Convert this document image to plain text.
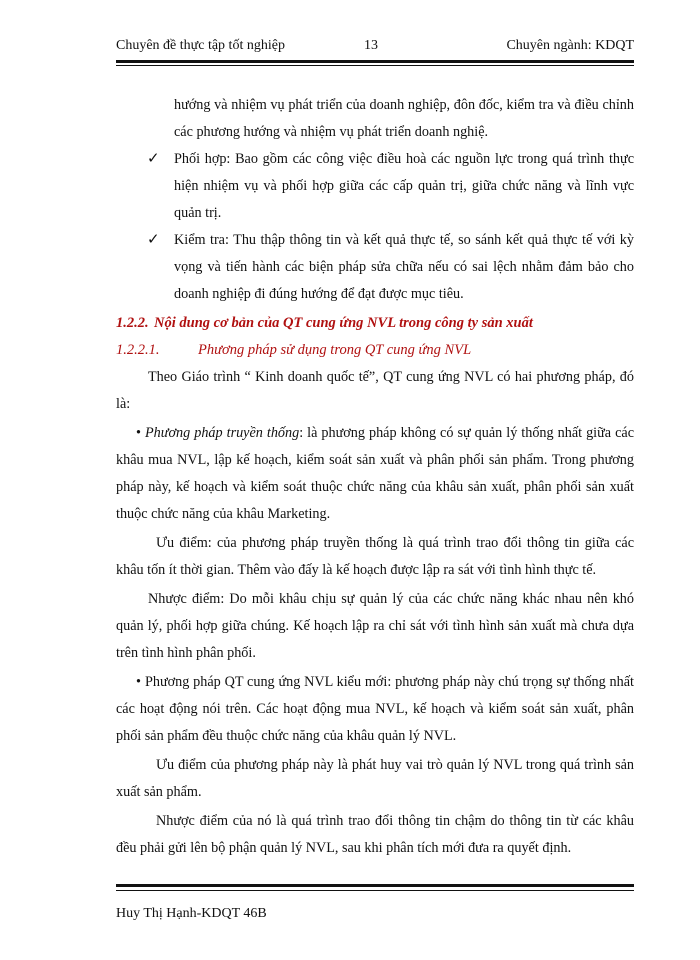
Chuyên đề thực tập tốt nghiệp	13	Chuyên ngành: KDQT

hướng và nhiệm vụ phát triển của doanh nghiệp, đôn đốc, kiểm tra và điều chỉnh các phương hướng và nhiệm vụ phát triển doanh nghiệ.

✓ Phối hợp: Bao gồm các công việc điều hoà các nguồn lực trong quá trình thực hiện nhiệm vụ và phối hợp giữa các cấp quản trị, giữa chức năng và lĩnh vực quản trị.

✓ Kiểm tra: Thu thập thông tin và kết quả thực tế, so sánh kết quả thực tế với kỳ vọng và tiến hành các biện pháp sửa chữa nếu có sai lệch nhằm đảm bảo cho doanh nghiệp đi đúng hướng để đạt được mục tiêu.

1.2.2. Nội dung cơ bản của QT cung ứng NVL trong công ty sản xuất

1.2.2.1.	Phương pháp sử dụng trong QT cung ứng NVL

Theo Giáo trình “ Kinh doanh quốc tế”, QT cung ứng NVL có hai phương pháp, đó là:

• Phương pháp truyền thống: là phương pháp không có sự quản lý thống nhất giữa các khâu mua NVL, lập kế hoạch, kiểm soát sản xuất và phân phối sản phẩm. Trong phương pháp này, kế hoạch và kiểm soát thuộc chức năng của khâu sản xuất, phân phối sản xuất thuộc chức năng của khâu Marketing.

Ưu điểm: của phương pháp truyền thống là quá trình trao đổi thông tin giữa các khâu tốn ít thời gian. Thêm vào đấy là kế hoạch được lập ra sát với tình hình thực tế.

Nhược điểm: Do mỗi khâu chịu sự quản lý của các chức năng khác nhau nên khó quản lý, phối hợp giữa chúng. Kế hoạch lập ra chỉ sát với tình hình sản xuất mà chưa dựa trên tình hình phân phối.

• Phương pháp QT cung ứng NVL kiểu mới: phương pháp này chú trọng sự thống nhất các hoạt động nói trên. Các hoạt động mua NVL, kế hoạch và kiểm soát sản xuất, phân phối sản phẩm đều thuộc chức năng của khâu quản lý NVL.

Ưu điểm của phương pháp này là phát huy vai trò quản lý NVL trong quá trình sản xuất sản phẩm.

Nhược điểm của nó là quá trình trao đổi thông tin chậm do thông tin từ các khâu đều phải gửi lên bộ phận quản lý NVL, sau khi phân tích mới đưa ra quyết định.

Huy Thị Hạnh-KDQT 46B
